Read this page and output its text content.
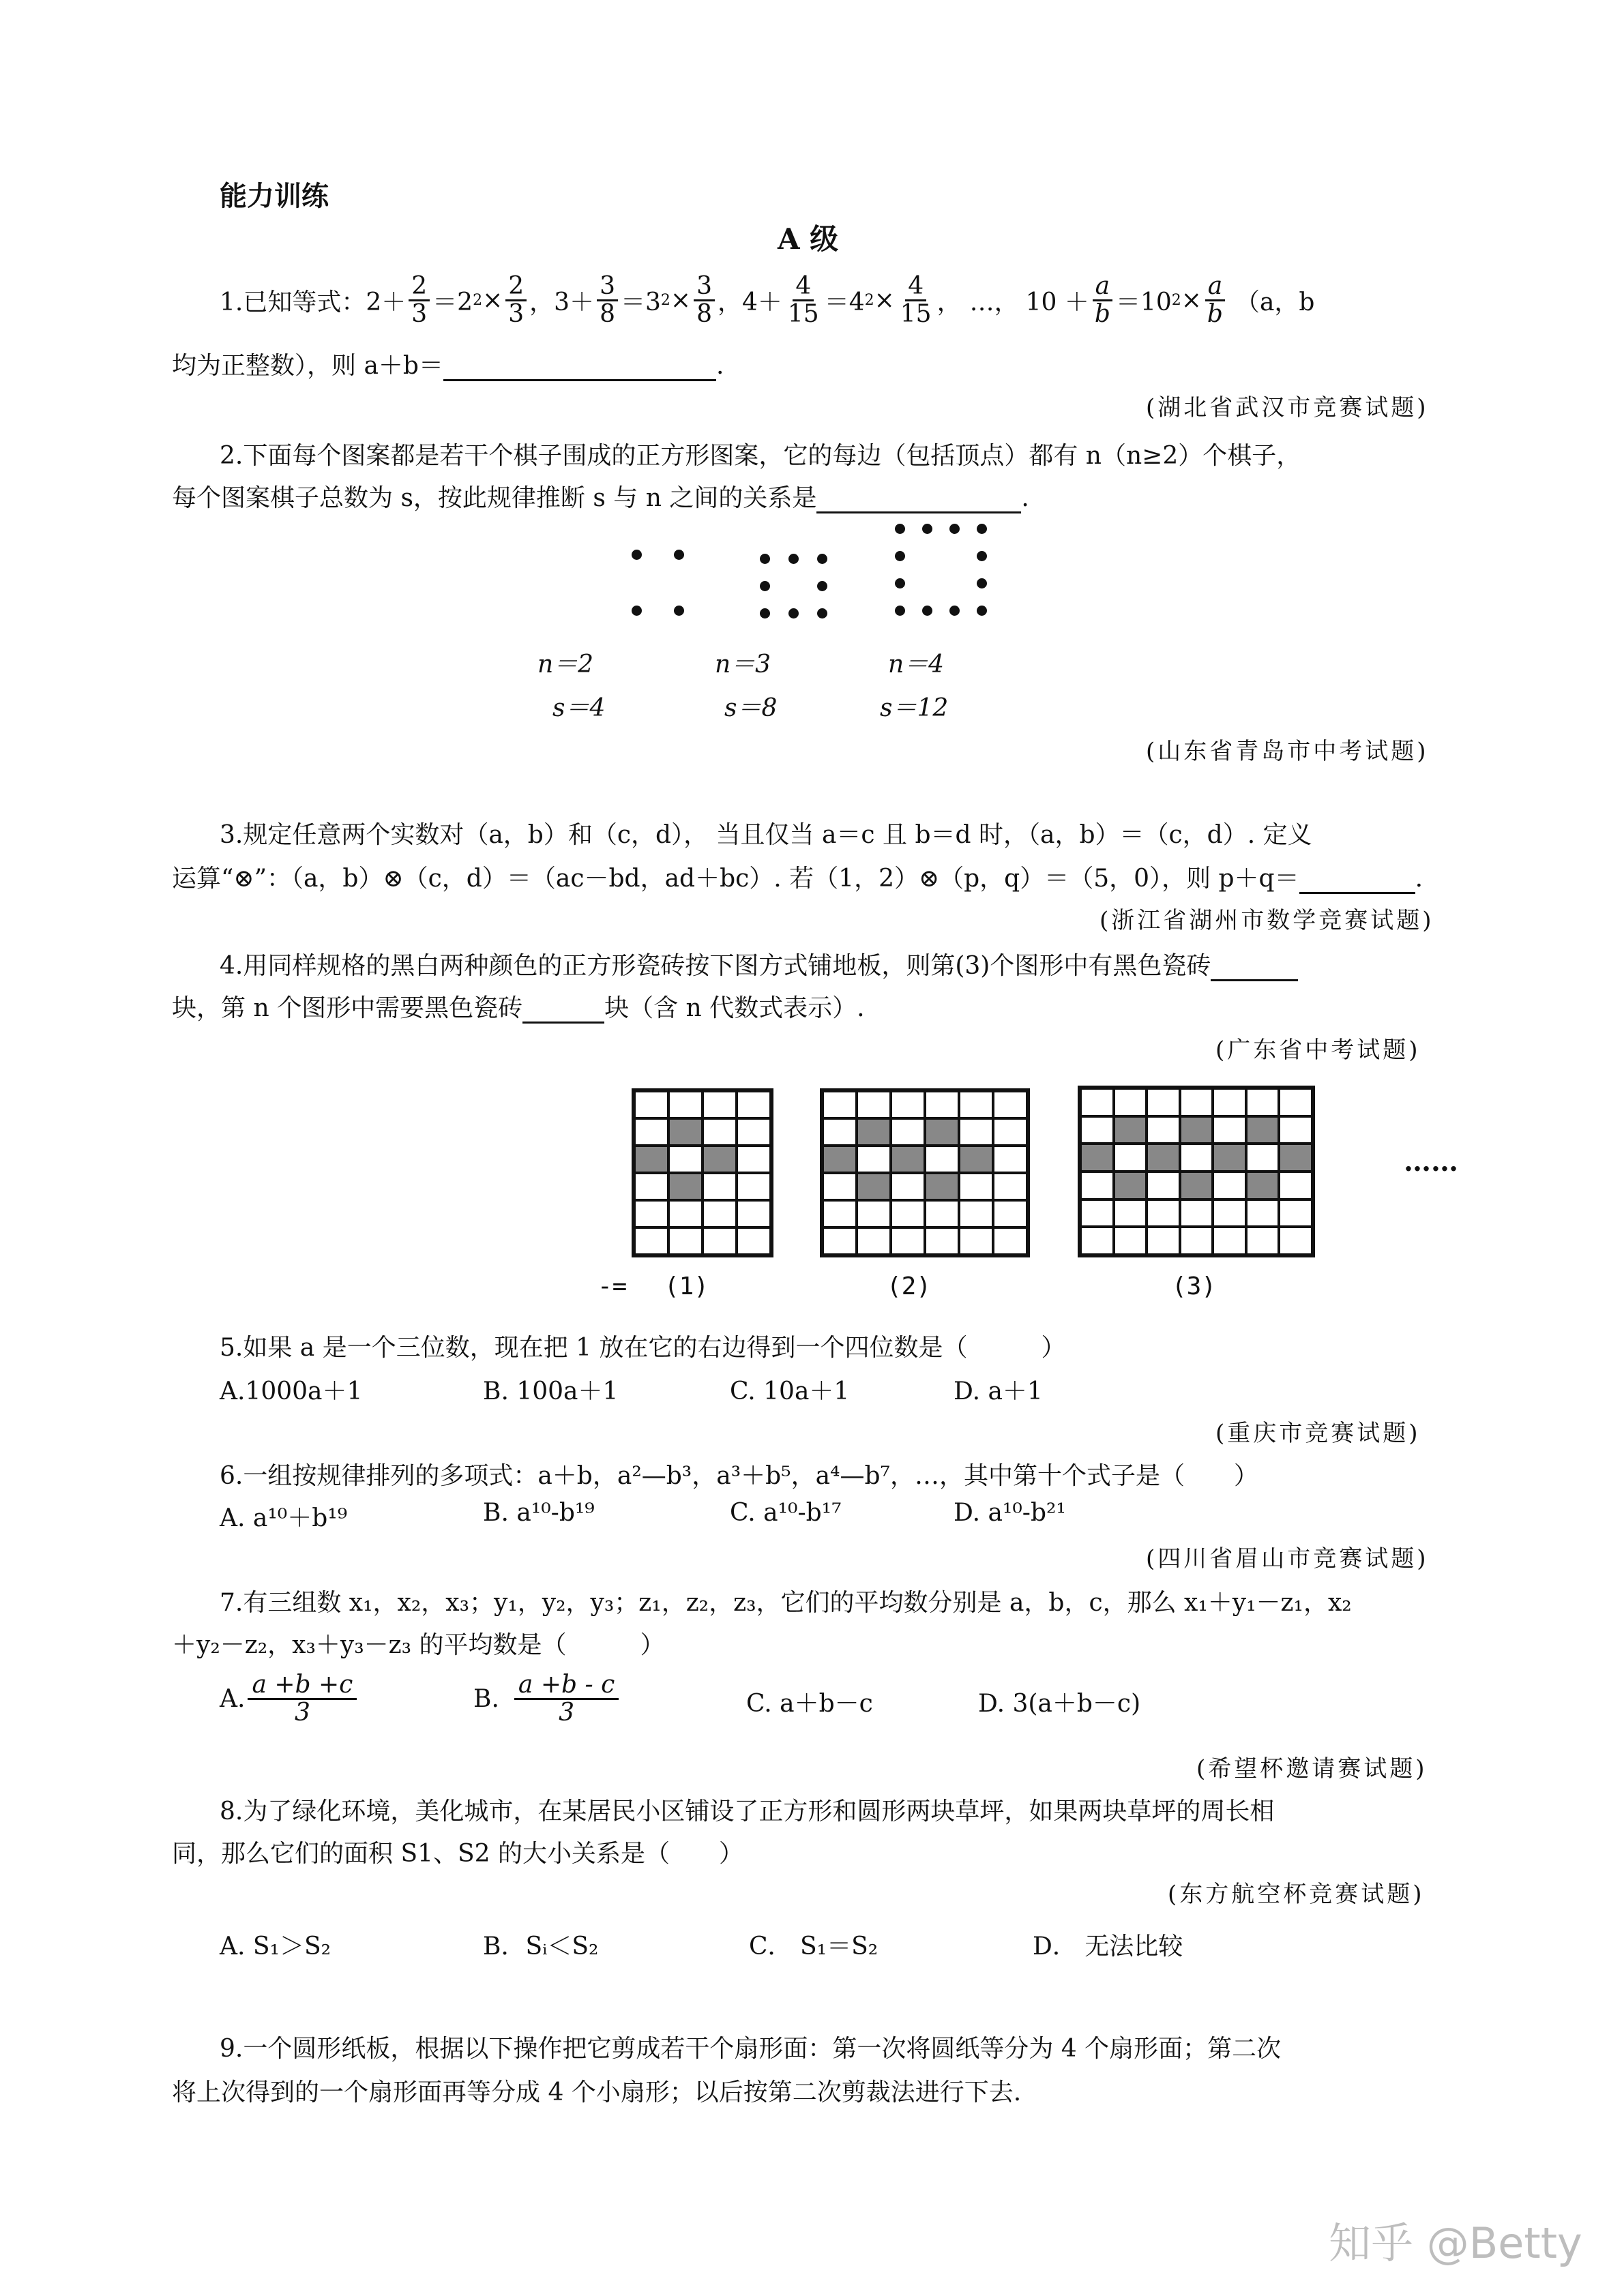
能力训练
A 级
1.已知等式： $2+ \frac{2}{3} =2$ $2 \times \frac{2}{3}$ ， $3+ \frac{3}{8} =3$ $2 \times \frac{3}{8}$ ， $4+ \frac{4}{15} =4$ $2 \times \frac{4}{15}$ ， …， $10 + \frac{a}{b} =10$ $2 \times \frac{a}{b} (a$，b
均为正整数），则 a＋b＝	.
(湖北省武汉市竞赛试题)
2.下面每个图案都是若干个棋子围成的正方形图案，它的每边（包括顶点）都有 n（n≥2）个棋子，
每个图案棋子总数为 s，按此规律推断 s 与 n 之间的关系是	.
n＝2	n＝3	n＝4
s＝4	s＝8	s＝12
(山东省青岛市中考试题)
3.规定任意两个实数对（a，b）和（c，d）， 当且仅当 a＝c 且 b＝d 时，（a，b）＝（c，d）. 定义
运算“⊗”：（a，b）⊗（c，d）＝（ac－bd，ad＋bc）. 若（1，2）⊗（p，q）＝（5，0），则 p＋q＝	.
(浙江省湖州市数学竞赛试题)
4.用同样规格的黑白两种颜色的正方形瓷砖按下图方式铺地板，则第(3)个图形中有黑色瓷砖
块，第 n 个图形中需要黑色瓷砖	块（含 n 代数式表示）.
(广东省中考试题)
……
-= (1)	(2)	(3)
5.如果 a 是一个三位数，现在把 1 放在它的右边得到一个四位数是（　　　）
A.1000a＋1	B. 100a＋1	C. 10a＋1	D. a＋1
(重庆市竞赛试题)
6.一组按规律排列的多项式：a＋b，a²—b³，a³＋b⁵，a⁴—b⁷，…，其中第十个式子是（　　）
A. a¹⁰＋b¹⁹	B. a¹⁰-b¹⁹	C. a¹⁰-b¹⁷	D. a¹⁰-b²¹
(四川省眉山市竞赛试题)
7.有三组数 x₁，x₂，x₃；y₁，y₂，y₃；z₁，z₂，z₃，它们的平均数分别是 a，b，c，那么 x₁＋y₁－z₁，x₂
＋y₂－z₂，x₃＋y₃－z₃ 的平均数是（　　　）
A. $\frac{a +b +c}{3}$	B. $\frac{a +b - c}{3}$	C. a＋b－c	D. 3(a＋b－c)
(希望杯邀请赛试题)
8.为了绿化环境，美化城市，在某居民小区铺设了正方形和圆形两块草坪，如果两块草坪的周长相
同，那么它们的面积 S1、S2 的大小关系是（　　）
(东方航空杯竞赛试题)
A. S₁＞S₂	B．Sᵢ＜S₂	C． S₁＝S₂	D． 无法比较
9.一个圆形纸板，根据以下操作把它剪成若干个扇形面：第一次将圆纸等分为 4 个扇形面；第二次
将上次得到的一个扇形面再等分成 4 个小扇形；以后按第二次剪裁法进行下去.
知乎 @Betty
